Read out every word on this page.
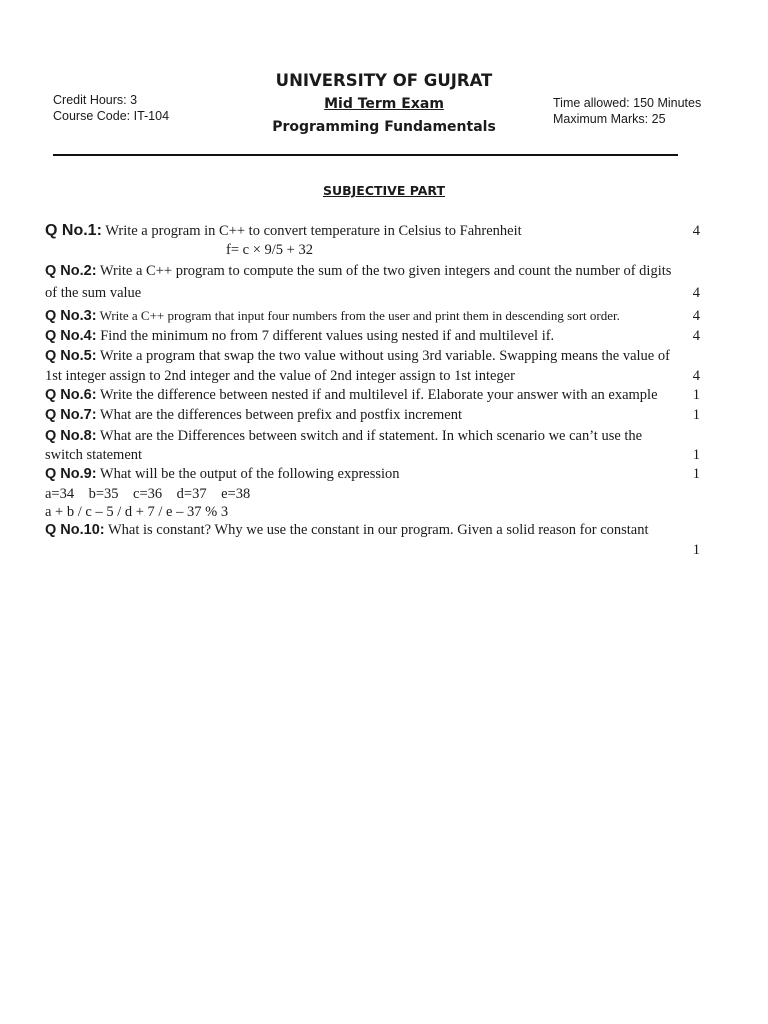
UNIVERSITY OF GUJRAT
Mid Term Exam
Programming Fundamentals
Credit Hours: 3
Course Code: IT-104
Time allowed: 150 Minutes
Maximum Marks: 25
SUBJECTIVE PART
Q No.1: Write a program in C++ to convert temperature in Celsius to Fahrenheit
f= c × 9/5 + 32
4
Q No.2: Write a C++ program to compute the sum of the two given integers and count the number of digits
of the sum value	4
Q No.3: Write a C++ program that input four numbers from the user and print them in descending sort order.	4
Q No.4: Find the minimum no from 7 different values using nested if and multilevel if.	4
Q No.5: Write a program that swap the two value without using 3rd variable. Swapping means the value of
1st integer assign to 2nd integer and the value of 2nd integer assign to 1st integer	4
Q No.6: Write the difference between nested if and multilevel if. Elaborate your answer with an example	1
Q No.7: What are the differences between prefix and postfix increment	1
Q No.8: What are the Differences between switch and if statement. In which scenario we can’t use the
switch statement	1
Q No.9: What will be the output of the following expression	1
a=34    b=35    c=36    d=37    e=38
a + b / c – 5 / d + 7 / e – 37 % 3
Q No.10: What is constant? Why we use the constant in our program. Given a solid reason for constant
1
